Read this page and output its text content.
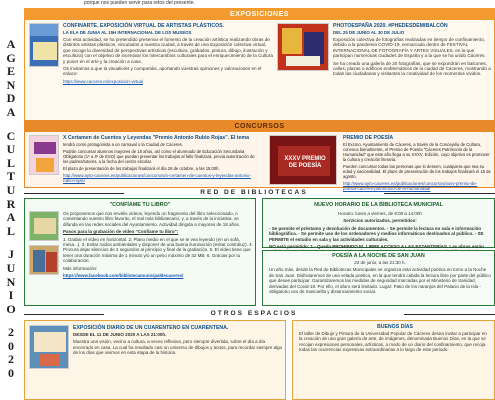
A
G
E
N
D
A
C
U
L
T
U
R
A
L
J
U
N
I
O
2
0
2
0
porque nos pueden servir para retos del presente.
EXPOSICIONES
CONFINARTE. EXPOSICIÓN VIRTUAL DE ARTISTAS PLÁSTICOS.
LA ELA DE JUNIA AL 15H INTERNACIONAL DE LOS MUSEOS
Con esta actividad, se ha pretendido preservar el fomento de la creación artística realizando obras de distintos artistas plásticos, vinculados a nuestra ciudad, a través de una Exposición colectiva virtual, que recoge la diversidad de perspectivas artísticas (escultura, grabados, pintura, dibujo, ilustración y escultura) con el objetivo de incentivar los intercambios culturales para el enriquecimiento de la Cultura y poner en el arte y la creación a casa.
Os invitamos a que la visualicéis y compartáis, aportando vuestras opiniones y valoraciones en el enlace:
https://www.caceres.es/exposicion-virtual
PHOTOESPAÑA 2020. #PHEDESDEMIBALCÓN
DEL 25 DE JUNIO AL 30 DE JULIO
Exposición colectiva de fotografías realizadas en tiempo de confinamiento, debido a la pandemia COVID-19, enmarcada dentro de FESTIVAL INTERNACIONAL DE FOTOGRAFÍA Y ARTES VISUALES, en la que participan numerosas ciudades de España y a la que se ha unido Cáceres.
Se ha creado una galería de 20 fotografías, que se expondrán en balcones, calles, plazas o edificios emblemáticos de la ciudad de Cáceres, mostrando a todas las ciudadanas y visitantes la creatividad de los momentos vividos.
CONCURSOS
X Certamen de Cuentos y Leyendas "Premio Antonio Rubio Rojas". El tema
tendrá como protagonista a un carnaval o la Ciudad de Cáceres.
Podrán concursar alumnos mayores de 18 años, así como el alumnado de Educación Secundaria Obligatoria (1º a 4º de ESO) que puedan presentar los trabajos al fallo finalizará, previa autorización de los padres/tutores, a la fecha del centro escolar.
El plazo de presentación de los trabajos finalizará el día 26 de octubre, a las 15:00h.
http://www.ayto-caceres.es/publicaciones/concursos/x-certamen-de-cuentos-y-leyendas-antonio-rubio-rojas/
XXXV PREMIO DE POESÍA
PREMIO DE POESÍA
El Excmo. Ayuntamiento de Cáceres, a través de la Concejalía de Cultura, convoca bienalmente, el Premio de Poesía "Cáceres Patrimonio de la Humanidad" que este año llega a su XXXV. Edición, cuyo objetivo es promover la cultura y creación literaria.
Pueden concursar todas las personas que lo deseen, cualquiera que sea su edad y nacionalidad. El plazo de presentación de los trabajos finalizará el 15 de agosto.
http://www.ayto-caceres.es/publicaciones/concursos/xxxv-premio-de-poesia-caceres-patrimonio-de-la-humanidad/
RED DE BIBLIOTECAS
"CONFÍAME TU LIBRO"
Os proponemos que nos enviéis vídeos, leyendo un fragmento del libro seleccionado, o comentando vuestro libro favorito, el mal más bibliotecario, y, a través de la iniciativa, se difunda en las redes sociales del Ayuntamiento. Actividad dirigida a mayores de 18 años.
Pasos para la grabación de vídeo "Confíame tu libro":
1. Grabar el vídeo en horizontal. 2. Plano medio en el que se te vea leyendo (en un sofá, mesa...). 3. Evitar ruidos ambientales y disponer de una buena iluminación (evitar contraluz). 4. Procura dejar silencios de 2 segundos al principio y final de la grabación. 5. El vídeo tiene que tener una duración máxima de 1 minuto y/o un peso máximo de 32 MB. 6. Gracias por tu colaboración.
Más información:
https://www.facebook.com/bibliotecamunicipaldecaceres/
NUEVO HORARIO DE LA BIBLIOTECA MUNICIPAL
Horario: lunes a viernes, de 9:00 a 14:00h
Servicios autorizados, permitidos:
- Se permite el préstamo y devolución de documentos. - Se permite la lectura en sala e información bibliográfica. - Se permite uso de los ordenadores y medios informáticos destinados al público. - SE PERMITE el estudio en sala y las actividades culturales.
NO está permitido: 1.- Queda PROHIBIDO EL LIBRE ACCESO A LAS ESTANTERÍAS. Las obras serán
POESÍA A LA NOCHE DE SAN JUAN
23 de junio, a las 21:30 h.
Un año más, desde la Red de Bibliotecas Municipales se organiza esta actividad poética en torno a la Noche de San Juan. Disfrutaremos de una velada poética, en la que tendrá cabida la lectura libre por parte del público que desee participar. Garantizaremos las medidas de seguridad marcadas por el Ministerio de Sanidad, derivadas del Covid-19. Por ello, el aforo será limitado. Lugar: Patio de los naranjos del Palacio de la Isla - obligatorio uso de mascarilla y distanciamiento social.
OTROS ESPACIOS
EXPOSICIÓN DIARIO DE UN CUARENTENO EN CUARENTENA.
DESDE EL 11 DE JUNIO 2020 A LAS 21:00h.
Muestra una visión, vecino a cultura, a veces reflexiva, pero siempre divertida, sobre el día a día encerrado en casa. La cual ha resultado casi un universo de dibujos y textos, para recordar siempre algo de los días que vivimos en esta etapa de la historia.
BUENOS DÍAS
El taller de Dibujo y Pintura de la Universidad Popular de Cáceres desea invitar a participar en la creación de una gran galería de arte, de imágenes, denominada Buenos Días, en la que se recojan expresiones personales, artísticas, a modo de un diario del confinamiento, que recoja todas las ocurrencias expresivas extraordinarias a lo largo de este periodo.
